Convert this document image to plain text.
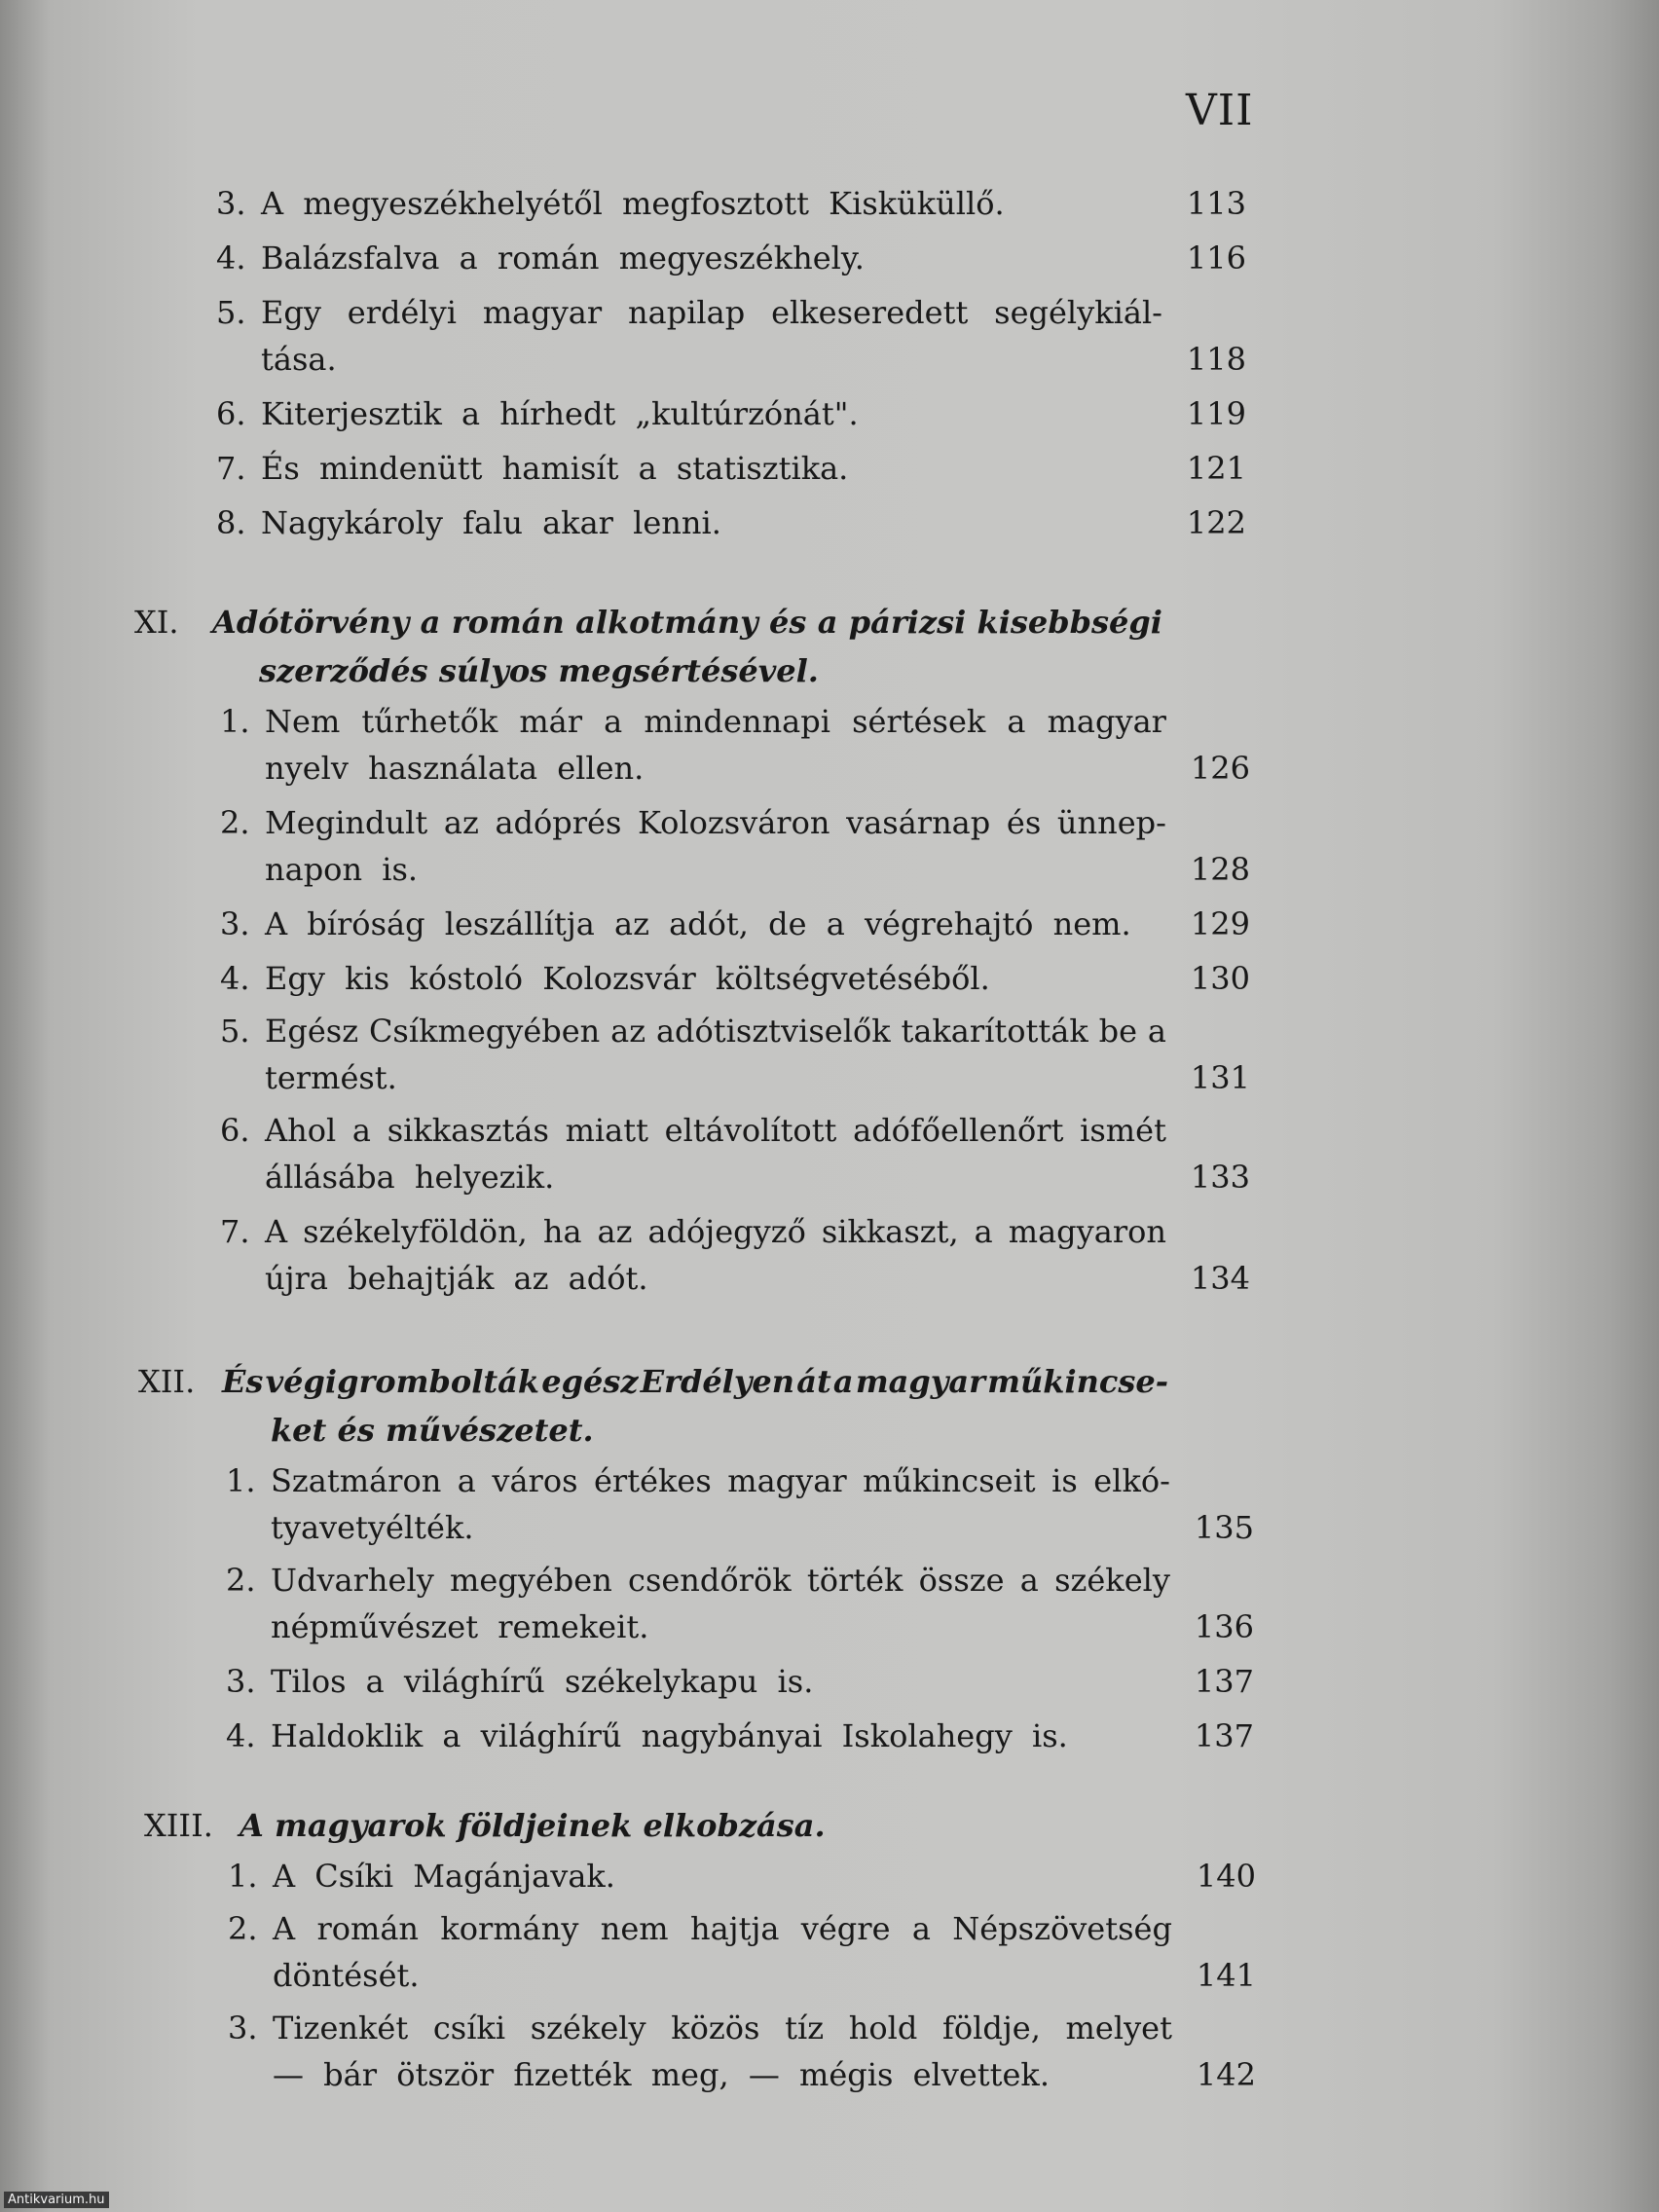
VII
3. A megyeszékhelyétől megfosztott Kisküküllő.	113
4. Balázsfalva a román megyeszékhely.	116
5. Egy erdélyi magyar napilap elkeseredett segélykiál-
tása.	118
6. Kiterjesztik a hírhedt „kultúrzónát".	119
7. És mindenütt hamisít a statisztika.	121
8. Nagykároly falu akar lenni.	122
XI.	Adótörvény a román alkotmány és a párizsi kisebbségi
szerződés súlyos megsértésével.
1. Nem tűrhetők már a mindennapi sértések a magyar
nyelv használata ellen.	126
2. Megindult az adóprés Kolozsváron vasárnap és ünnep-
napon is.	128
3. A bíróság leszállítja az adót, de a végrehajtó nem. 129
4. Egy kis kóstoló Kolozsvár költségvetéséből.	130
5. Egész Csíkmegyében az adótisztviselők takarították be a
termést.	131
6. Ahol a sikkasztás miatt eltávolított adófőellenőrt ismét
állásába helyezik.	133
7. A székelyföldön, ha az adójegyző sikkaszt, a magyaron
újra behajtják az adót.	134
XII. És végigrombolták egész Erdélyen át a magyar műkincse-
ket és művészetet.
1. Szatmáron a város értékes magyar műkincseit is elkó-
tyavetyélték.	135
2. Udvarhely megyében csendőrök törték össze a székely
népművészet remekeit.	136
3. Tilos a világhírű székelykapu is.	137
4. Haldoklik a világhírű nagybányai Iskolahegy is.	137
XIII. A magyarok földjeinek elkobzása.
1. A Csíki Magánjavak.	140
2. A román kormány nem hajtja végre a Népszövetség
döntését.	141
3. Tizenkét csíki székely közös tíz hold földje, melyet
— bár ötször fizették meg, — mégis elvettek.	142
Antikvarium.hu
